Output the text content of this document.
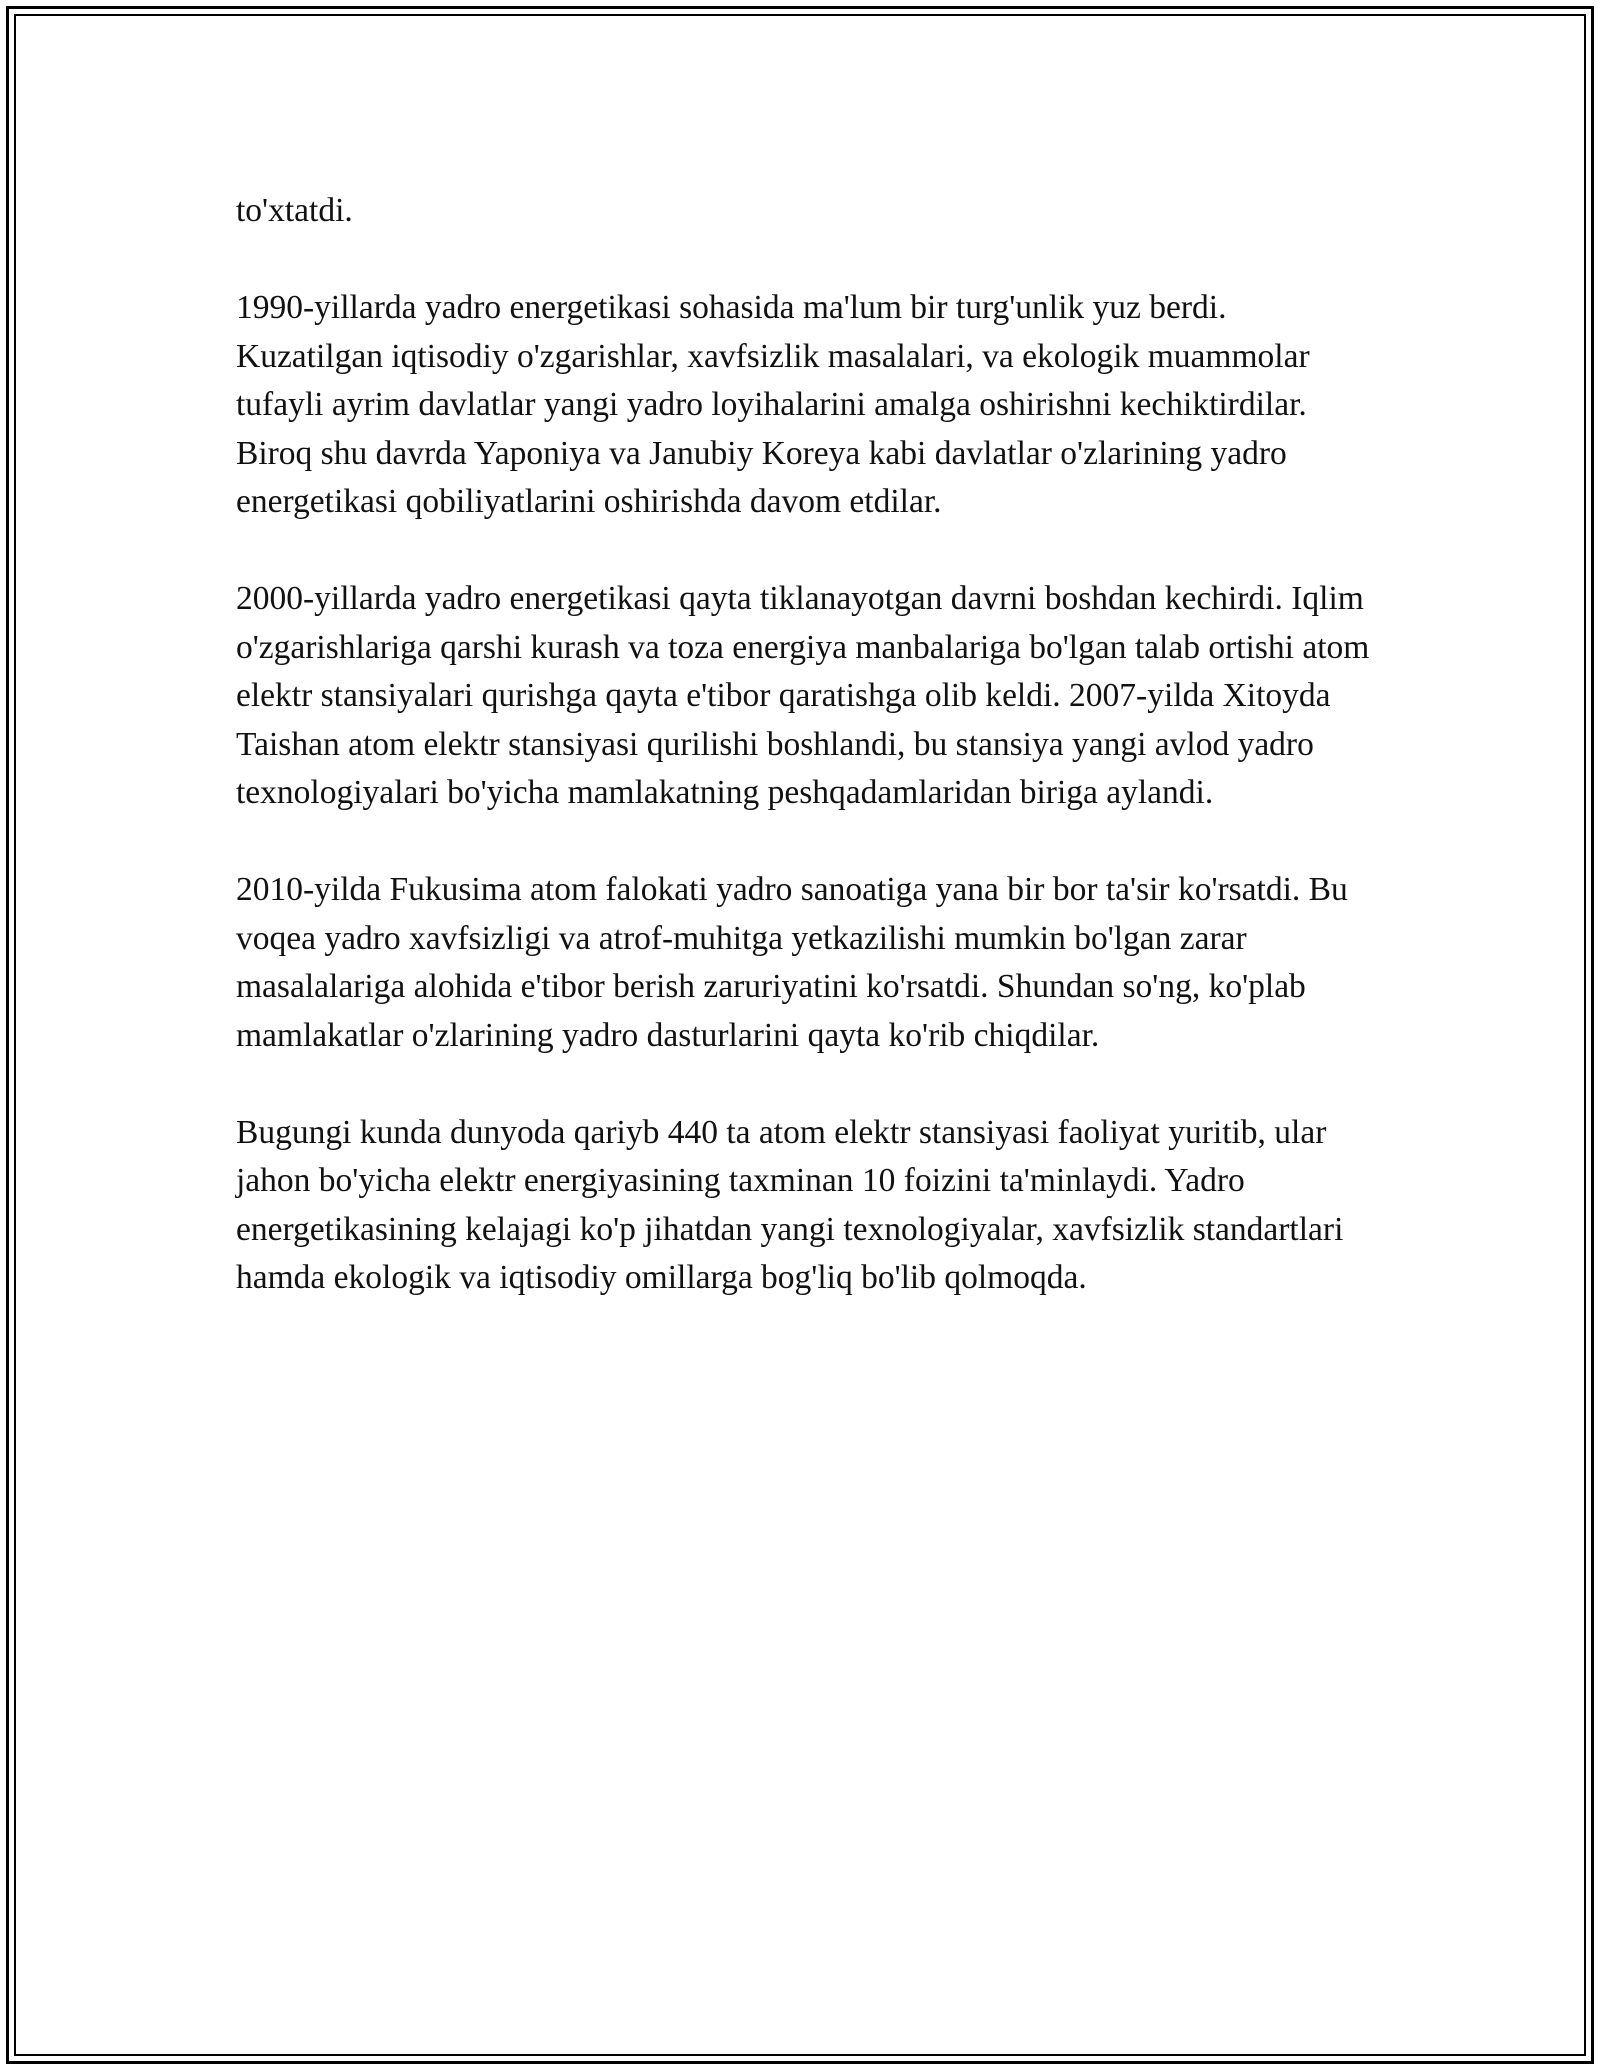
to'xtatdi.

1990-yillarda yadro energetikasi sohasida ma'lum bir turg'unlik yuz berdi. Kuzatilgan iqtisodiy o'zgarishlar, xavfsizlik masalalari, va ekologik muammolar tufayli ayrim davlatlar yangi yadro loyihalarini amalga oshirishni kechiktirdilar. Biroq shu davrda Yaponiya va Janubiy Koreya kabi davlatlar o'zlarining yadro energetikasi qobiliyatlarini oshirishda davom etdilar.

2000-yillarda yadro energetikasi qayta tiklanayotgan davrni boshdan kechirdi. Iqlim o'zgarishlariga qarshi kurash va toza energiya manbalariga bo'lgan talab ortishi atom elektr stansiyalari qurishga qayta e'tibor qaratishga olib keldi. 2007-yilda Xitoyda Taishan atom elektr stansiyasi qurilishi boshlandi, bu stansiya yangi avlod yadro texnologiyalari bo'yicha mamlakatning peshqadamlaridan biriga aylandi.

2010-yilda Fukusima atom falokati yadro sanoatiga yana bir bor ta'sir ko'rsatdi. Bu voqea yadro xavfsizligi va atrof-muhitga yetkazilishi mumkin bo'lgan zarar masalalariga alohida e'tibor berish zaruriyatini ko'rsatdi. Shundan so'ng, ko'plab mamlakatlar o'zlarining yadro dasturlarini qayta ko'rib chiqdilar.

Bugungi kunda dunyoda qariyb 440 ta atom elektr stansiyasi faoliyat yuritib, ular jahon bo'yicha elektr energiyasining taxminan 10 foizini ta'minlaydi. Yadro energetikasining kelajagi ko'p jihatdan yangi texnologiyalar, xavfsizlik standartlari hamda ekologik va iqtisodiy omillarga bog'liq bo'lib qolmoqda.
